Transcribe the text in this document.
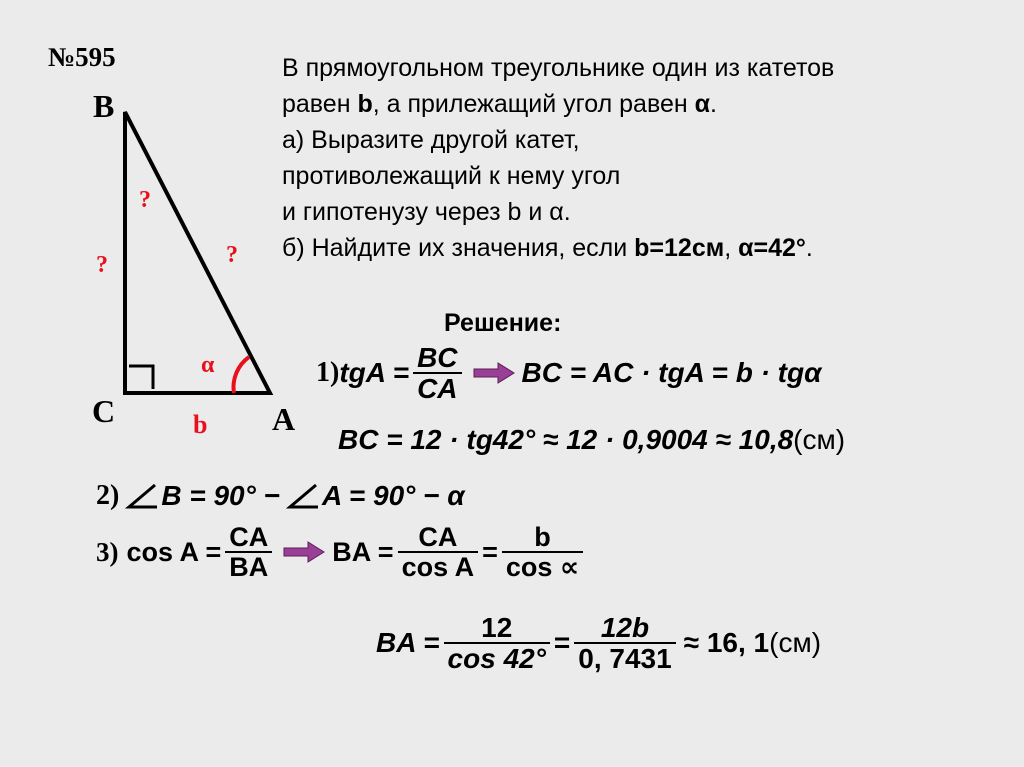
№595
B
C	A
b
α
?
?	?
В прямоугольном треугольнике один из катетов
равен b, а прилежащий угол равен α.
а) Выразите другой катет,
противолежащий к нему угол
и гипотенузу через b и α.
б) Найдите их значения, если b=12см, α=42°.
Решение:
1) tgA = $\frac{BC}{CA}$ BC = AC · tgA = b · tgα
BC = 12 · tg42° ≈ 12 · 0,9004 ≈ 10,8 (см)
2) B = 90° − A = 90° − α
3) $\cos A = \frac{CA}{BA}$ BA = $\frac{CA}{\text{cos A}} = \frac{b}{\cos \propto}$
BA = $\frac{12}{\cos 42^\circ} = \frac{12b}{0, 7431} \approx 16$, 1 (см)
